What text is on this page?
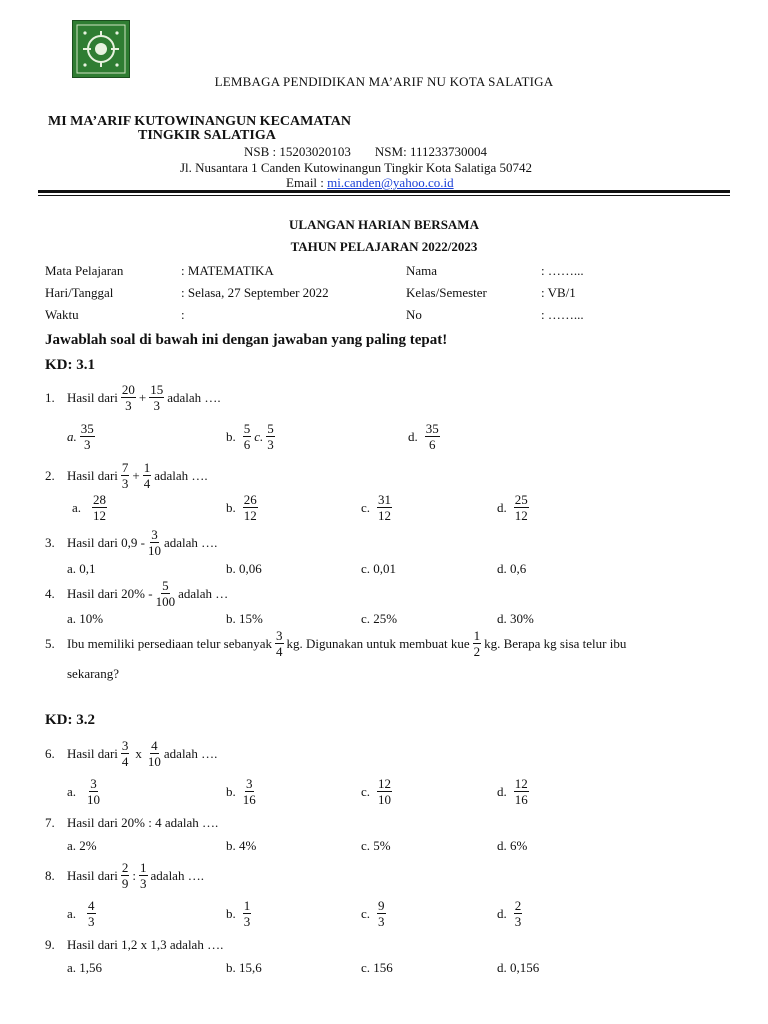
LEMBAGA PENDIDIKAN MA’ARIF NU KOTA SALATIGA
MI MA’ARIF KUTOWINANGUN KECAMATAN
TINGKIR SALATIGA
NSB : 15203020103 NSM: 111233730004
Jl. Nusantara 1 Canden Kutowinangun Tingkir Kota Salatiga 50742
Email : mi.canden@yahoo.co.id
ULANGAN HARIAN BERSAMA
TAHUN PELAJARAN 2022/2023
Mata Pelajaran	: MATEMATIKA	Nama	: ……...
Hari/Tanggal	: Selasa, 27 September 2022	Kelas/Semester	: VB/1
Waktu	:	No	: ……...
Jawablah soal di bawah ini dengan jawaban yang paling tepat!
KD: 3.1
1. Hasil dari $\frac{20}{3} + \frac{15}{3}$ adalah ….
a. $\frac{35}{3}$	b. $\frac{5}{6} c$. $\frac{5}{3}$	d. $\frac{35}{6}$
2. Hasil dari $\frac{7}{3} + \frac{1}{4}$ adalah ….
a. $\frac{28}{12}$	b. $\frac{26}{12}$	c. $\frac{31}{12}$	d. $\frac{25}{12}$
3. Hasil dari $0,9 - \frac{3}{10}$ adalah ….
a. 0,1	b. 0,06	c. 0,01	d. 0,6
4. Hasil dari $20\% - \frac{5}{100}$ adalah …
a. 10%	b. 15%	c. 25%	d. 30%
5. Ibu memiliki persediaan telur sebanyak $\frac{3}{4}$ kg. Digunakan untuk membuat kue $\frac{1}{2}$ kg. Berapa kg sisa telur ibu
sekarang?
KD: 3.2
6. Hasil dari $\frac{3}{4}$ x $\frac{4}{10}$ adalah ….
a. $\frac{3}{10}$	b. $\frac{3}{16}$	c. $\frac{12}{10}$	d. $\frac{12}{16}$
7. Hasil dari 20% : 4 adalah ….
a. 2%	b. 4%	c. 5%	d. 6%
8. Hasil dari $\frac{2}{9}$ : $\frac{1}{3}$ adalah ….
a. $\frac{4}{3}$	b. $\frac{1}{3}$	c. $\frac{9}{3}$	d. $\frac{2}{3}$
9. Hasil dari 1,2 x 1,3 adalah ….
a. 1,56	b. 15,6	c. 156	d. 0,156
